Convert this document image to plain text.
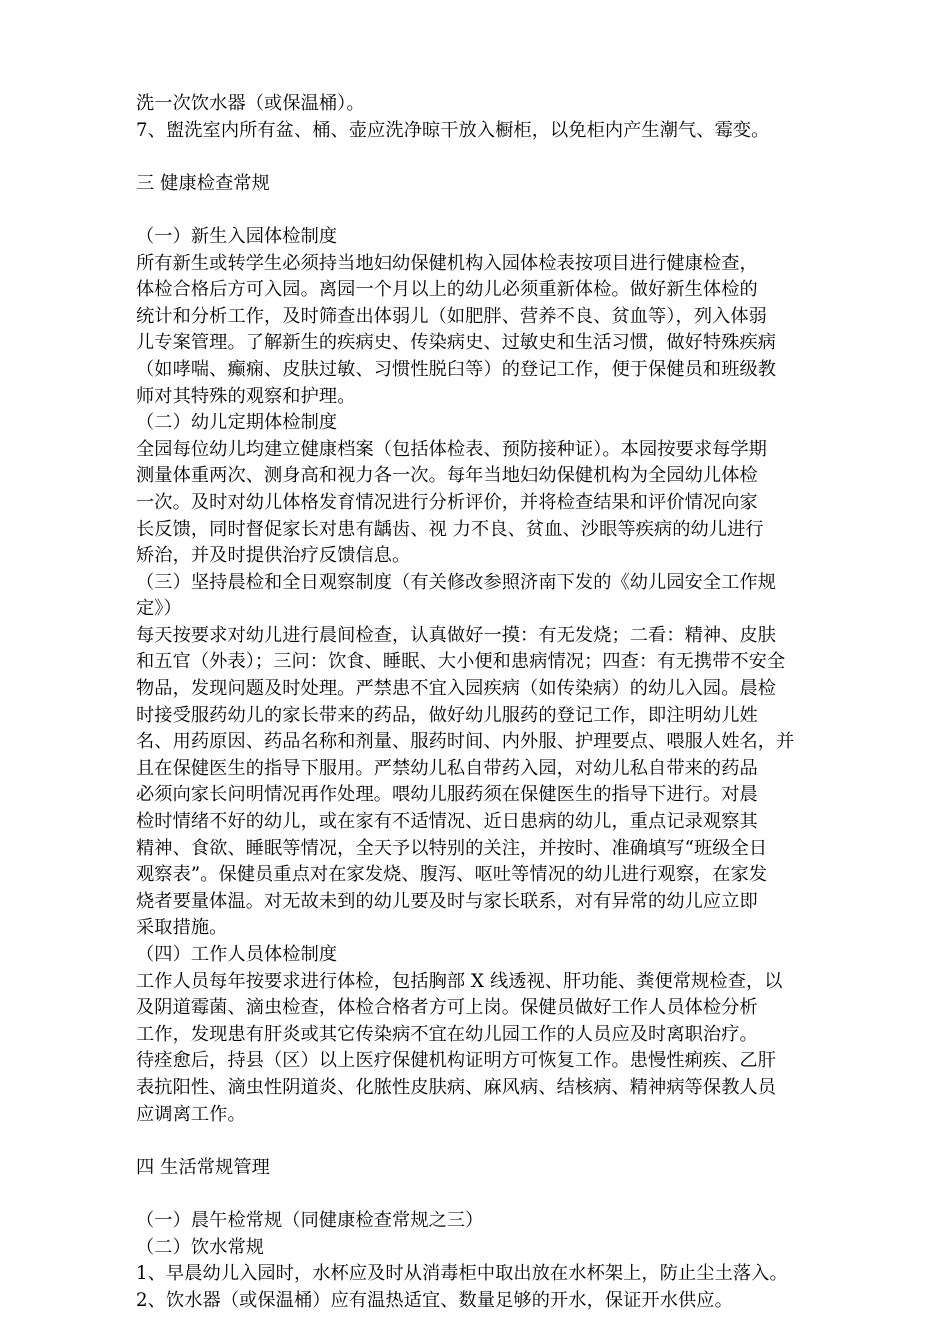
洗一次饮水器（或保温桶）。
7、盥洗室内所有盆、桶、壶应洗净晾干放入橱柜，以免柜内产生潮气、霉变。
三 健康检查常规
（一）新生入园体检制度
所有新生或转学生必须持当地妇幼保健机构入园体检表按项目进行健康检查，
体检合格后方可入园。离园一个月以上的幼儿必须重新体检。做好新生体检的
统计和分析工作，及时筛查出体弱儿（如肥胖、营养不良、贫血等），列入体弱
儿专案管理。了解新生的疾病史、传染病史、过敏史和生活习惯，做好特殊疾病
（如哮喘、癫痫、皮肤过敏、习惯性脱臼等）的登记工作，便于保健员和班级教
师对其特殊的观察和护理。
（二）幼儿定期体检制度
全园每位幼儿均建立健康档案（包括体检表、预防接种证）。本园按要求每学期
测量体重两次、测身高和视力各一次。每年当地妇幼保健机构为全园幼儿体检
一次。及时对幼儿体格发育情况进行分析评价，并将检查结果和评价情况向家
长反馈，同时督促家长对患有龋齿、视 力不良、贫血、沙眼等疾病的幼儿进行
矫治，并及时提供治疗反馈信息。
（三）坚持晨检和全日观察制度（有关修改参照济南下发的《幼儿园安全工作规
定》）
每天按要求对幼儿进行晨间检查，认真做好一摸：有无发烧；二看：精神、皮肤
和五官（外表）；三问：饮食、睡眠、大小便和患病情况；四查：有无携带不安全
物品，发现问题及时处理。严禁患不宜入园疾病（如传染病）的幼儿入园。晨检
时接受服药幼儿的家长带来的药品，做好幼儿服药的登记工作，即注明幼儿姓
名、用药原因、药品名称和剂量、服药时间、内外服、护理要点、喂服人姓名，并
且在保健医生的指导下服用。严禁幼儿私自带药入园，对幼儿私自带来的药品
必须向家长问明情况再作处理。喂幼儿服药须在保健医生的指导下进行。对晨
检时情绪不好的幼儿，或在家有不适情况、近日患病的幼儿，重点记录观察其
精神、食欲、睡眠等情况，全天予以特别的关注，并按时、准确填写“班级全日
观察表”。保健员重点对在家发烧、腹泻、呕吐等情况的幼儿进行观察，在家发
烧者要量体温。对无故未到的幼儿要及时与家长联系，对有异常的幼儿应立即
采取措施。
（四）工作人员体检制度
工作人员每年按要求进行体检，包括胸部 X 线透视、肝功能、粪便常规检查，以
及阴道霉菌、滴虫检查，体检合格者方可上岗。保健员做好工作人员体检分析
工作，发现患有肝炎或其它传染病不宜在幼儿园工作的人员应及时离职治疗。
待痊愈后，持县（区）以上医疗保健机构证明方可恢复工作。患慢性痢疾、乙肝
表抗阳性、滴虫性阴道炎、化脓性皮肤病、麻风病、结核病、精神病等保教人员
应调离工作。
四 生活常规管理
（一）晨午检常规（同健康检查常规之三）
（二）饮水常规
1、早晨幼儿入园时，水杯应及时从消毒柜中取出放在水杯架上，防止尘土落入。
2、饮水器（或保温桶）应有温热适宜、数量足够的开水，保证开水供应。
